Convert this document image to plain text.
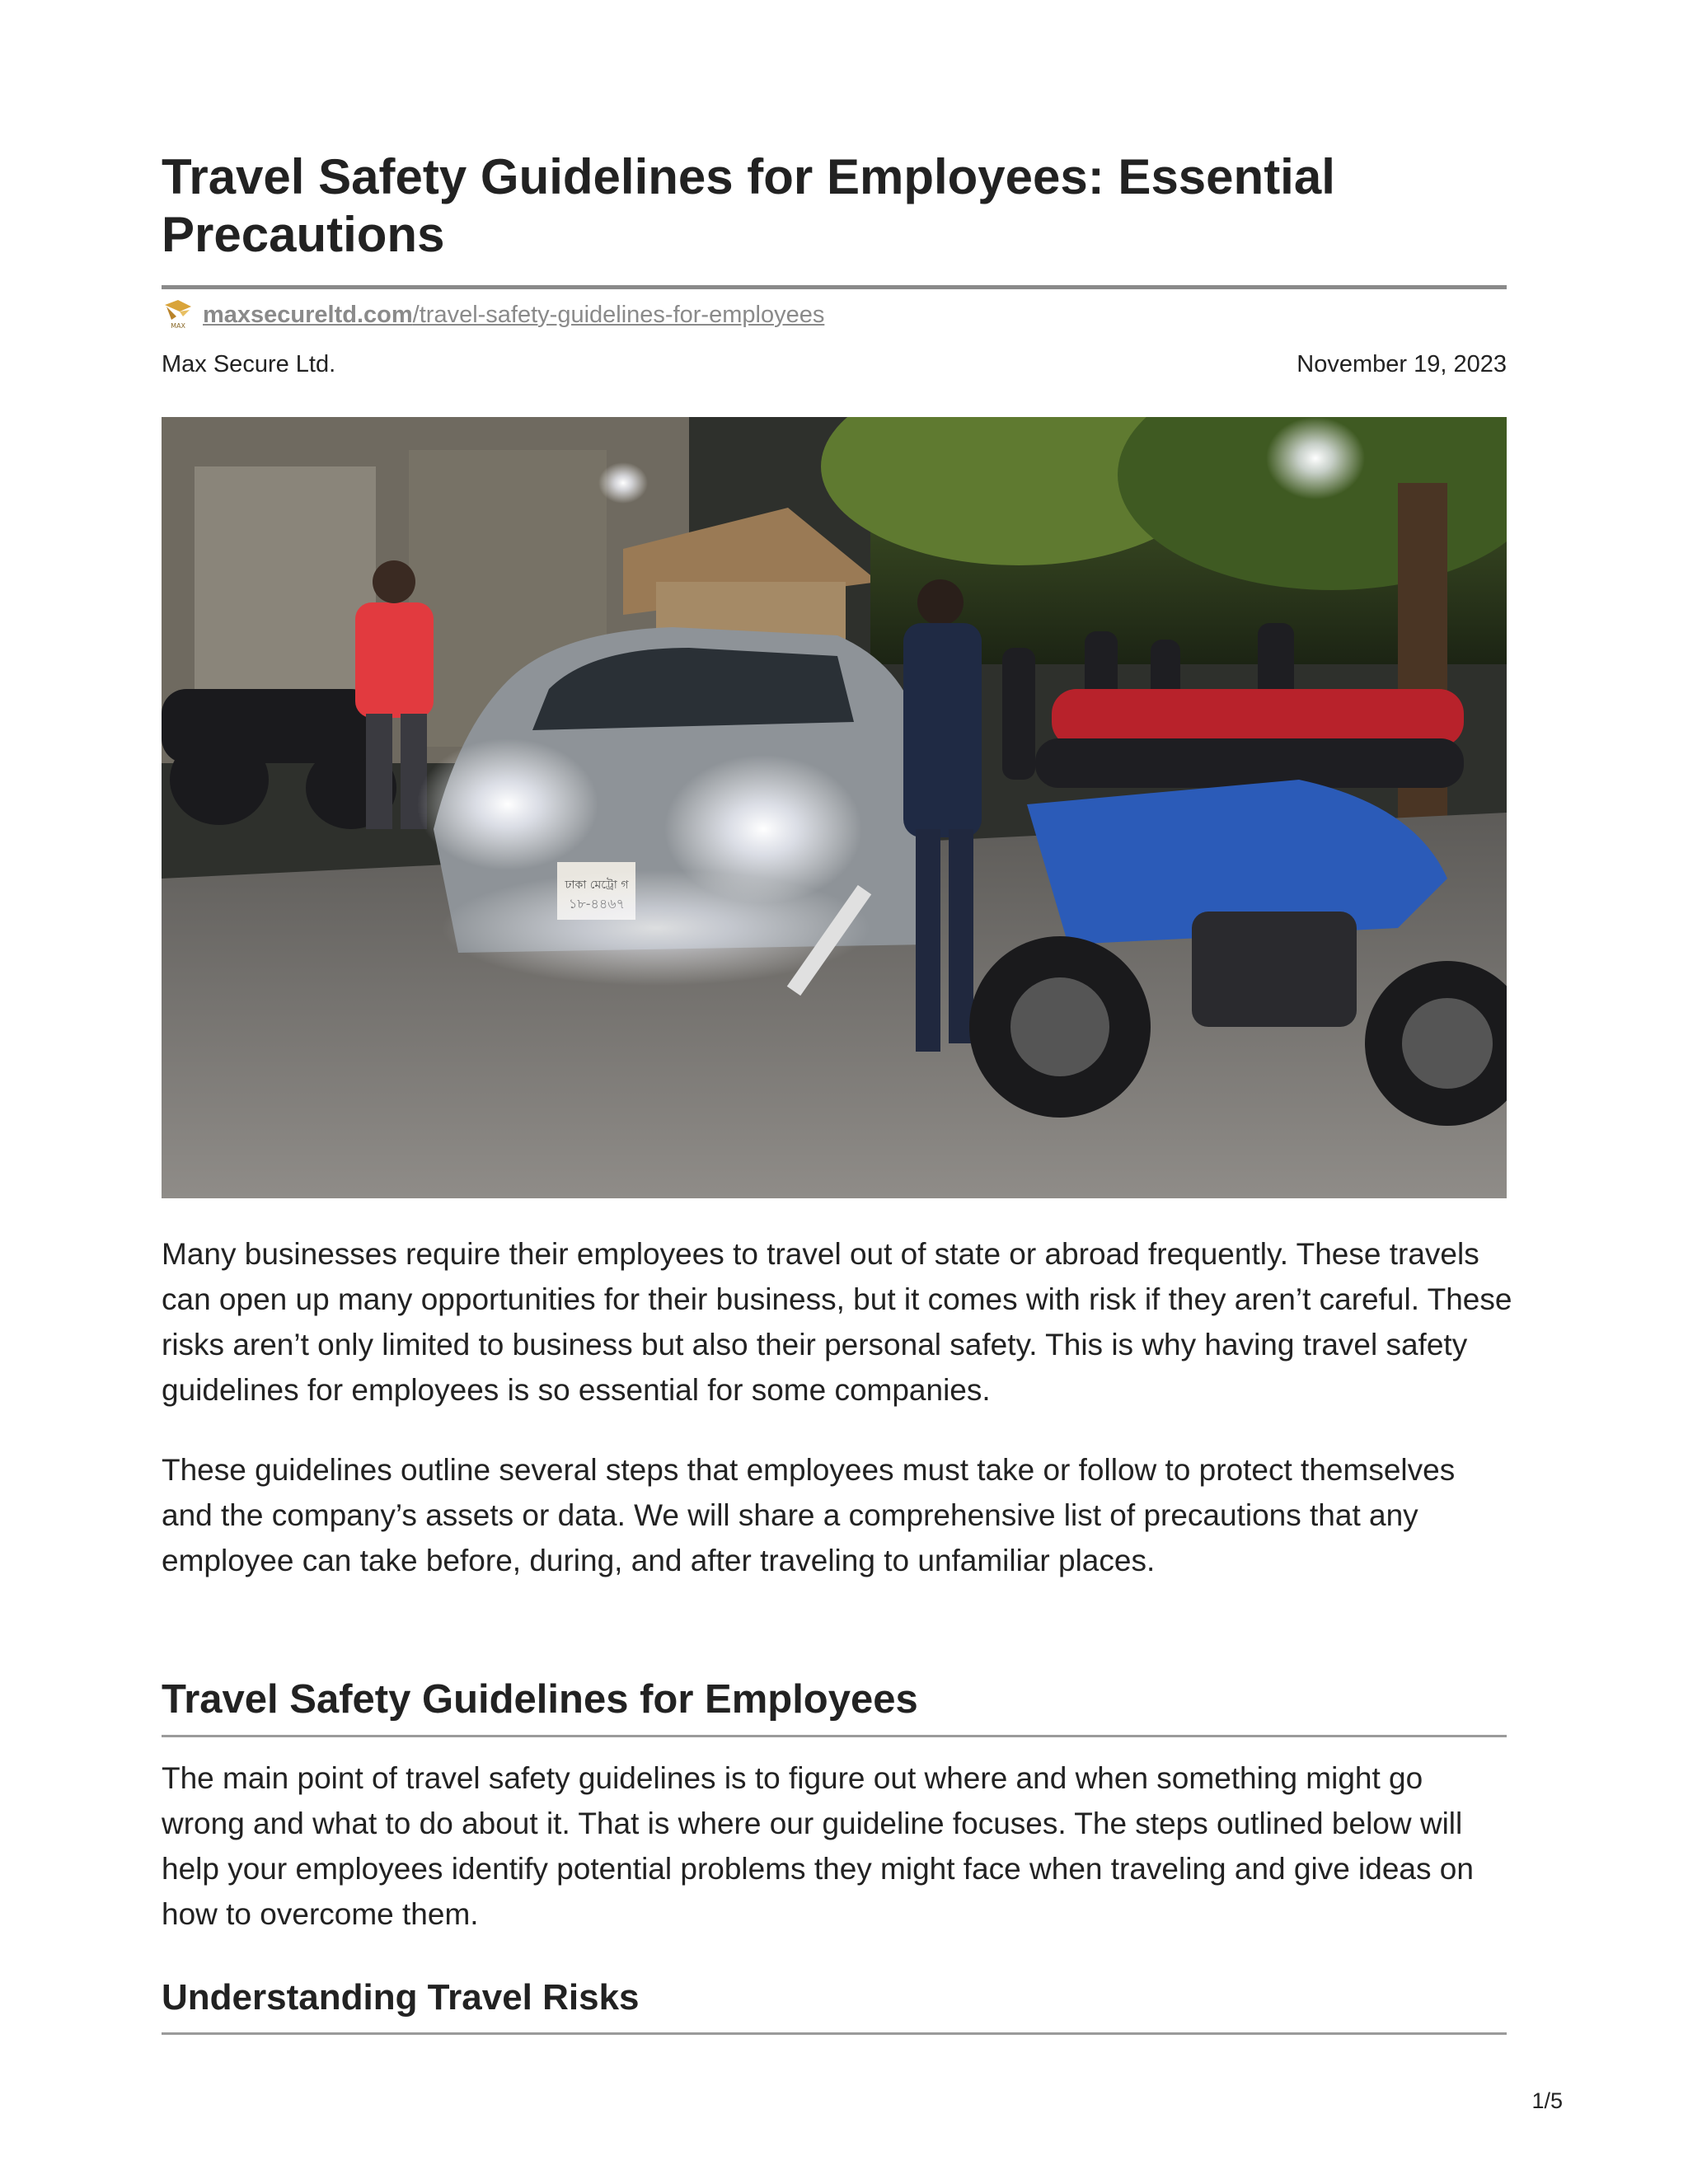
Travel Safety Guidelines for Employees: Essential Precautions
MAX maxsecureltd.com/travel-safety-guidelines-for-employees
Max Secure Ltd.	November 19, 2023

Many businesses require their employees to travel out of state or abroad frequently. These travels can open up many opportunities for their business, but it comes with risk if they aren’t careful. These risks aren’t only limited to business but also their personal safety. This is why having travel safety guidelines for employees is so essential for some companies.

These guidelines outline several steps that employees must take or follow to protect themselves and the company’s assets or data. We will share a comprehensive list of precautions that any employee can take before, during, and after traveling to unfamiliar places.

Travel Safety Guidelines for Employees

The main point of travel safety guidelines is to figure out where and when something might go wrong and what to do about it. That is where our guideline focuses. The steps outlined below will help your employees identify potential problems they might face when traveling and give ideas on how to overcome them.

Understanding Travel Risks
1/5
